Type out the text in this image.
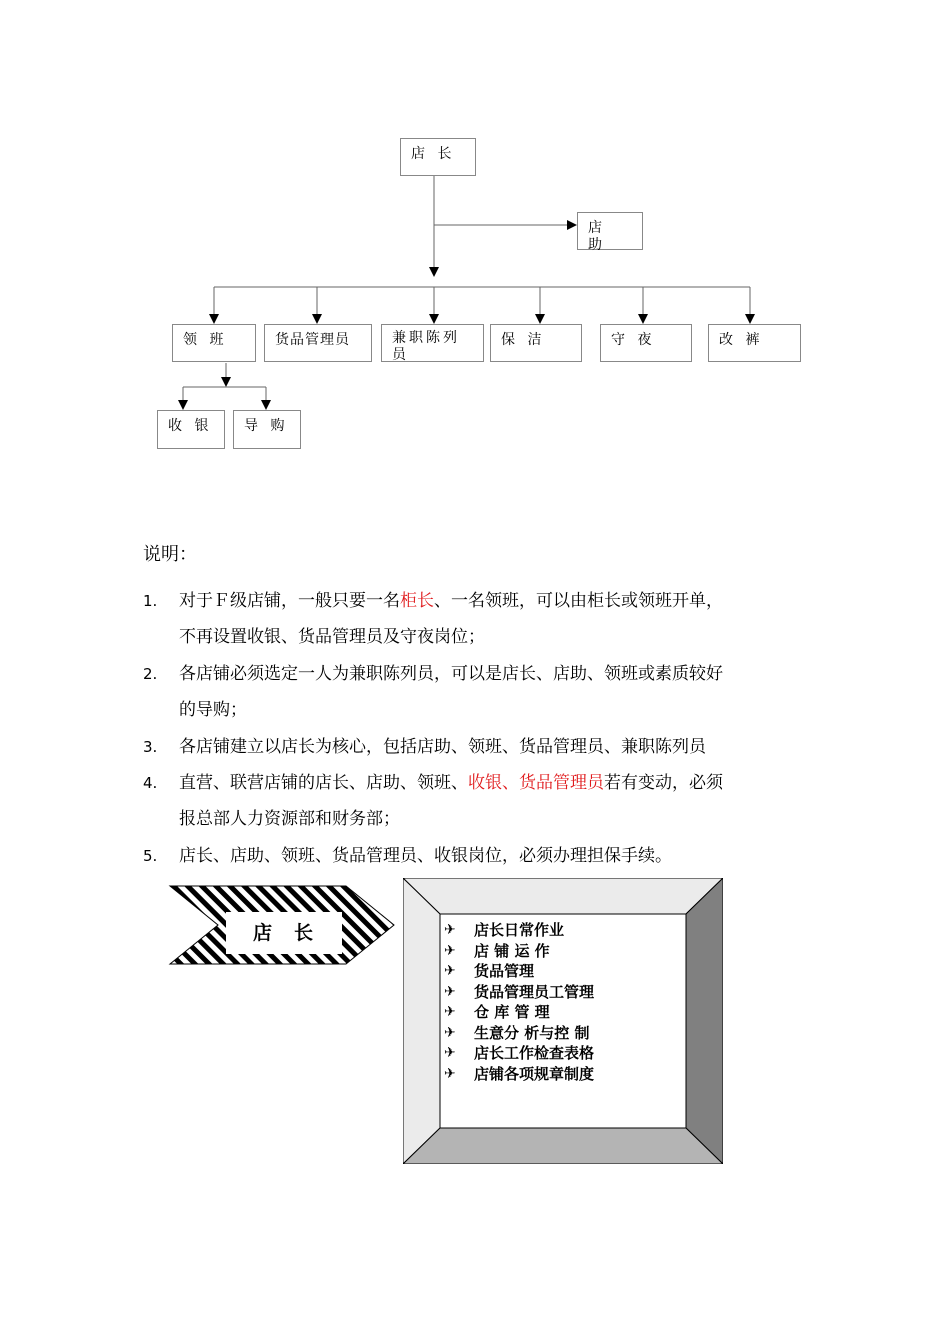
店 长
店 助
领 班	货品管理员	兼职陈列员
保 洁	守 夜	改 裤
收 银	导 购
说明：
1. 对于Ｆ级店铺，一般只要一名柜长、一名领班，可以由柜长或领班开单，
不再设置收银、货品管理员及守夜岗位；
2. 各店铺必须选定一人为兼职陈列员，可以是店长、店助、领班或素质较好
的导购；
3. 各店铺建立以店长为核心，包括店助、领班、货品管理员、兼职陈列员
4. 直营、联营店铺的店长、店助、领班、收银、货品管理员若有变动，必须
报总部人力资源部和财务部；
5. 店长、店助、领班、货品管理员、收银岗位，必须办理担保手续。
店长	✈	店长日常作业
✈	店 铺 运 作
✈	货品管理
✈	货品管理员工管理
✈	仓 库 管 理
✈	生意分 析与控 制
✈	店长工作检查表格
✈	店铺各项规章制度
